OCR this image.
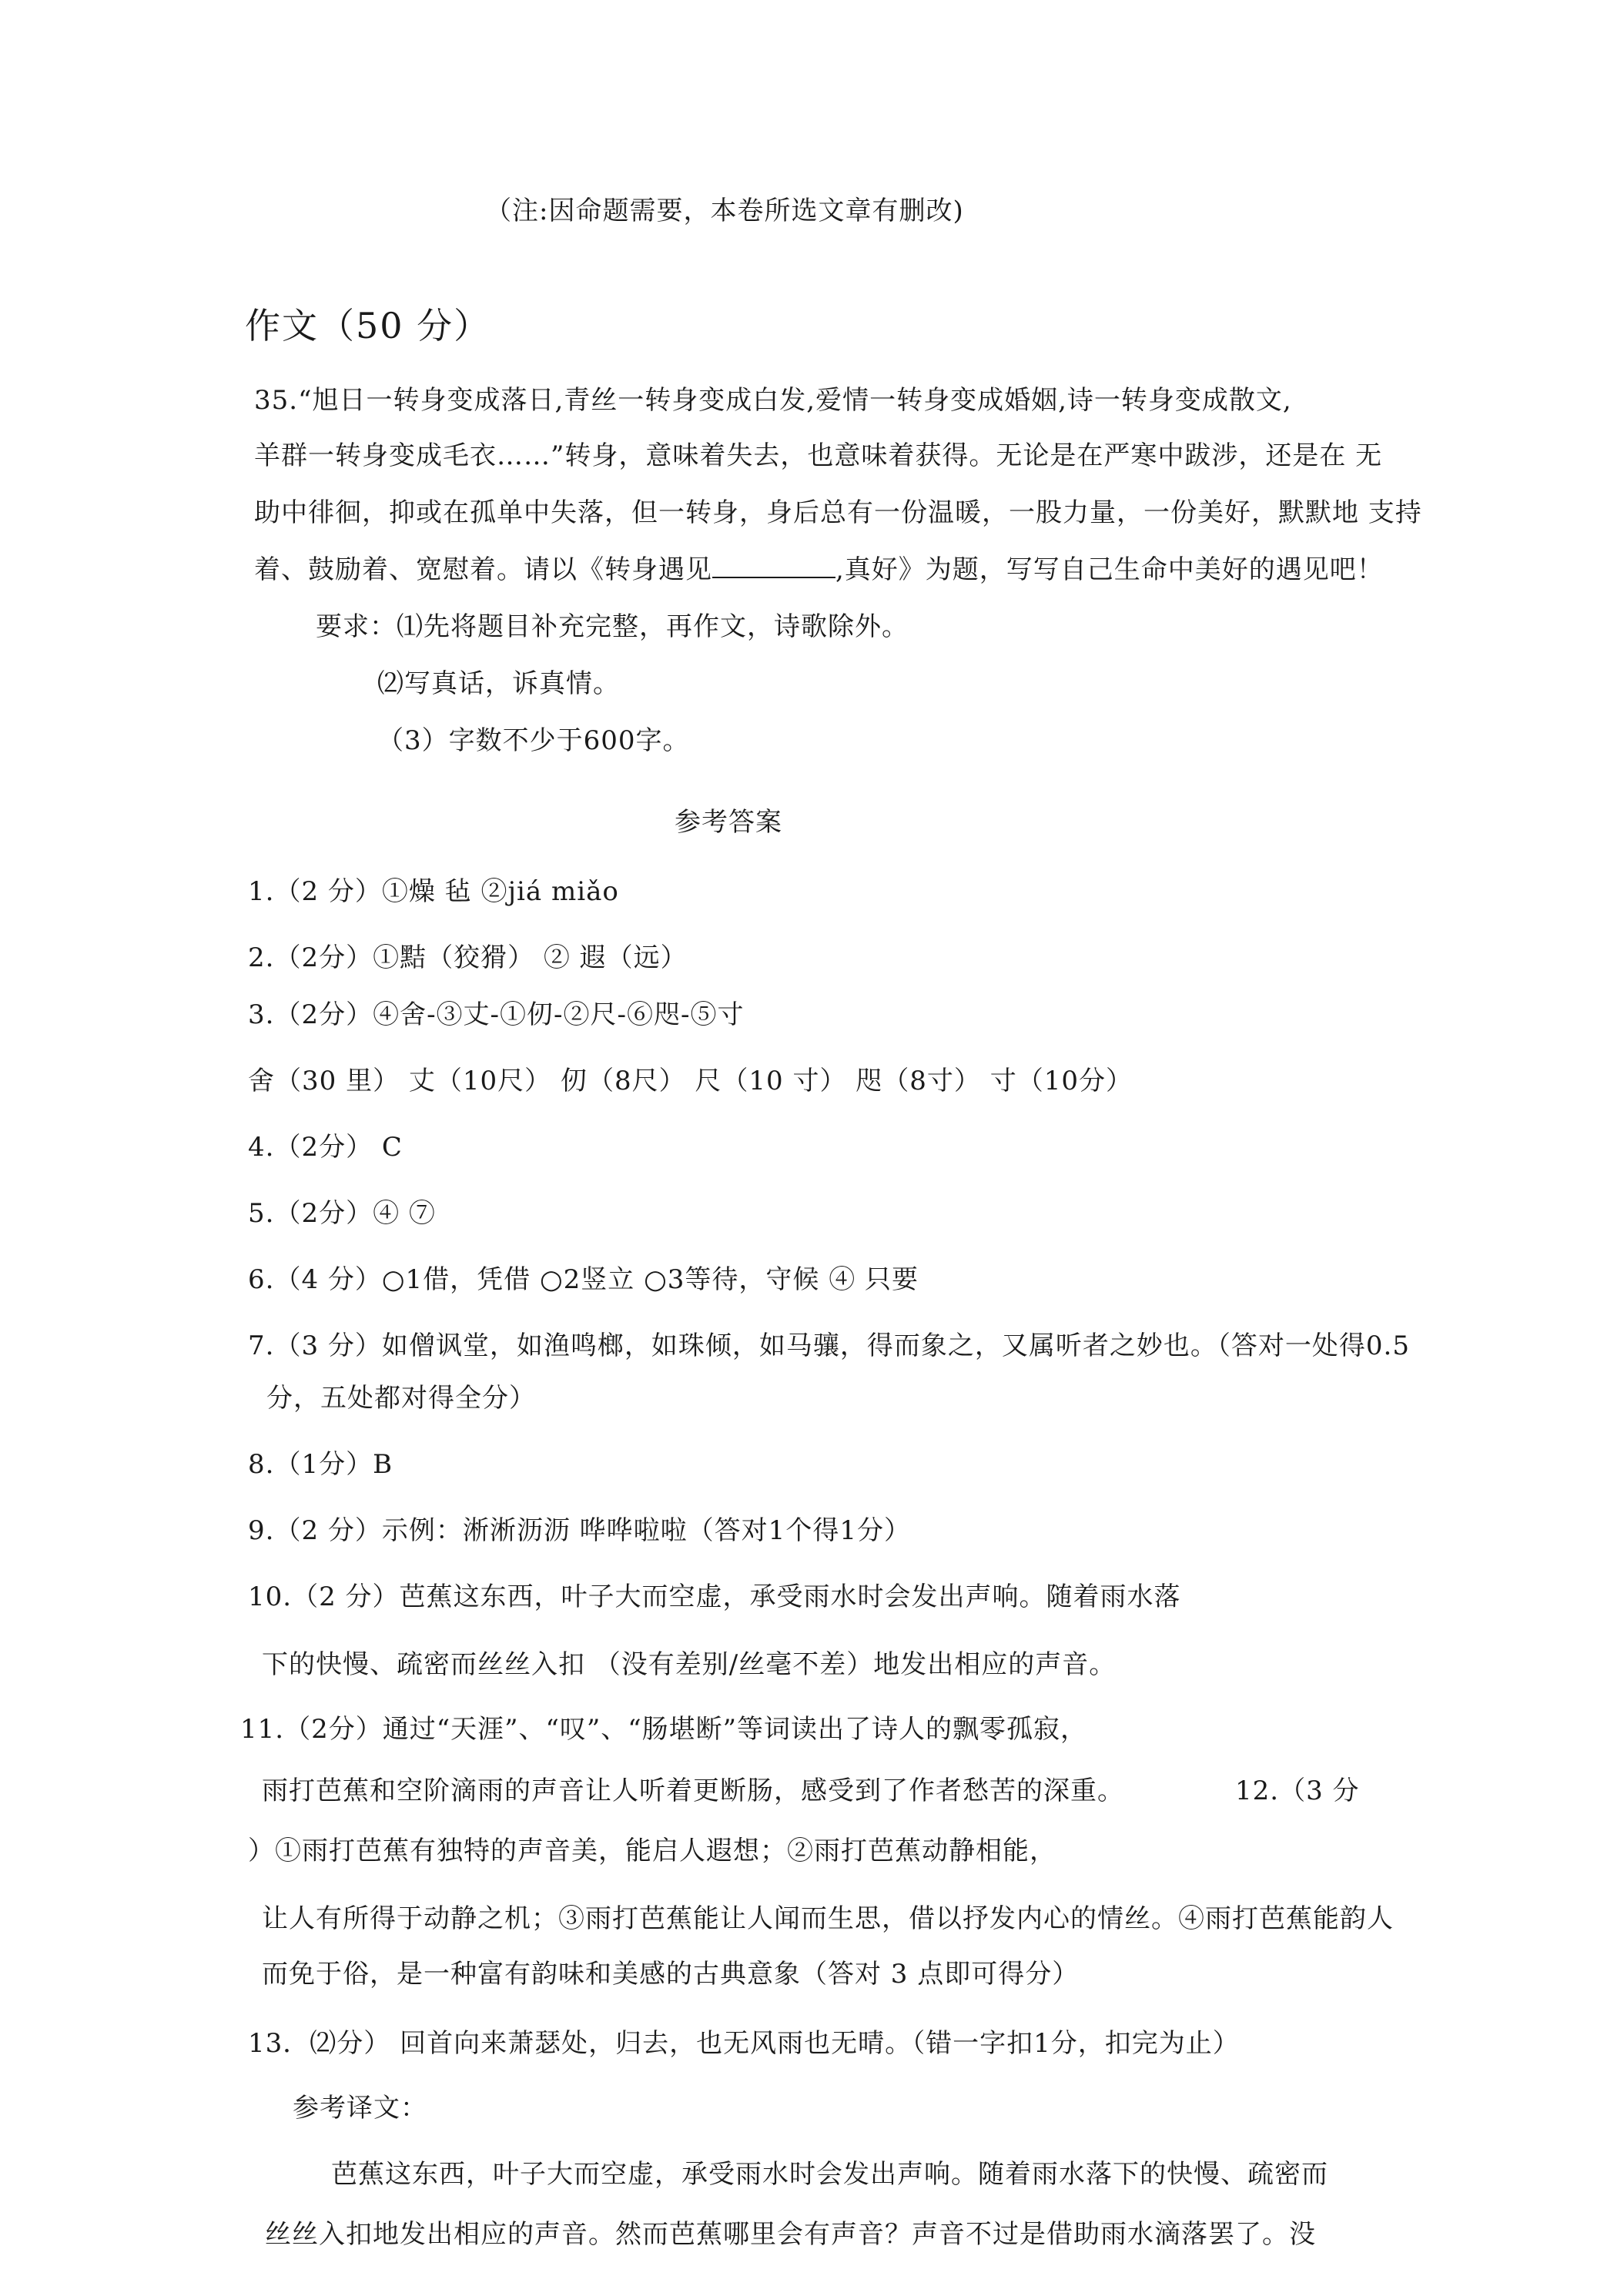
（注:因命题需要，本卷所选文章有删改)
作文（50 分）
35.“旭日一转身变成落日,青丝一转身变成白发,爱情一转身变成婚姻,诗一转身变成散文,
羊群一转身变成毛衣……”转身，意味着失去，也意味着获得。无论是在严寒中跋涉，还是在 无
助中徘徊，抑或在孤单中失落，但一转身，身后总有一份温暖，一股力量，一份美好，默默地 支持
着、鼓励着、宽慰着。请以《转身遇见	,真好》为题，写写自己生命中美好的遇见吧！
要求：⑴先将题目补充完整，再作文，诗歌除外。
⑵写真话，诉真情。
（3）字数不少于600字。
参考答案
1.（2 分）①燥 毡 ②jiá miǎo
2.（2分）①黠（狡猾） ② 遐（远）
3.（2分）④舍-③丈-①仞-②尺-⑥咫-⑤寸
舍（30 里） 丈（10尺） 仞（8尺） 尺（10 寸） 咫（8寸） 寸（10分）
4.（2分） C
5.（2分）④ ⑦
6.（4 分）○1借，凭借 ○2竖立 ○3等待，守候 ④ 只要
7.（3 分）如僧讽堂，如渔鸣榔，如珠倾，如马骧，得而象之，又属听者之妙也。（答对一处得0.5
分，五处都对得全分）
8.（1分）B
9.（2 分）示例：淅淅沥沥 哗哗啦啦（答对1个得1分）
10.（2 分）芭蕉这东西，叶子大而空虚，承受雨水时会发出声响。随着雨水落
下的快慢、疏密而丝丝入扣 （没有差别/丝毫不差）地发出相应的声音。
11.（2分）通过“天涯”、“叹”、“肠堪断”等词读出了诗人的飘零孤寂，
雨打芭蕉和空阶滴雨的声音让人听着更断肠，感受到了作者愁苦的深重。	12.（3 分
）①雨打芭蕉有独特的声音美，能启人遐想；②雨打芭蕉动静相能，
让人有所得于动静之机；③雨打芭蕉能让人闻而生思，借以抒发内心的情丝。④雨打芭蕉能韵人
而免于俗，是一种富有韵味和美感的古典意象（答对 3 点即可得分）
13．⑵分） 回首向来萧瑟处，归去，也无风雨也无晴。（错一字扣1分，扣完为止）
参考译文：
芭蕉这东西，叶子大而空虚，承受雨水时会发出声响。随着雨水落下的快慢、疏密而
丝丝入扣地发出相应的声音。然而芭蕉哪里会有声音？声音不过是借助雨水滴落罢了。没
